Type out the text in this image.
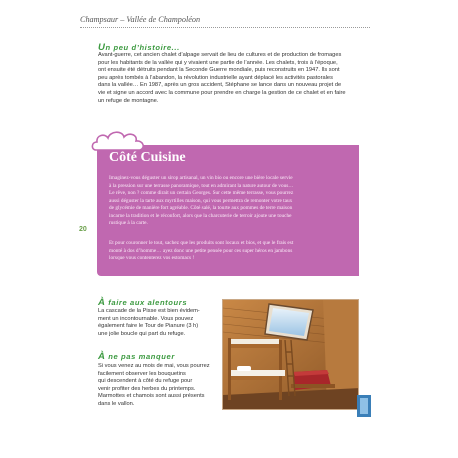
Champsaur – Vallée de Champoléon
Un peu d’histoire...
Avant-guerre, cet ancien chalet d’alpage servait de lieu de cultures et de production de fromages
pour les habitants de la vallée qui y vivaient une partie de l’année. Les chalets, trois à l’époque,
ont ensuite été détruits pendant la Seconde Guerre mondiale, puis reconstruits en 1947. Ils sont
peu après tombés à l’abandon, la révolution industrielle ayant déplacé les activités pastorales
dans la vallée… En 1987, après un gros accident, Stéphane se lance dans un nouveau projet de
vie et signe un accord avec la commune pour prendre en charge la gestion de ce chalet et en faire
un refuge de montagne.
20
Côté Cuisine
Imaginez-vous déguster un sirop artisanal, un vin bio ou encore une bière locale servie
à la pression sur une terrasse panoramique, tout en admirant la nature autour de vous…
Le rêve, non ? comme dirait un certain Georges. Sur cette même terrasse, vous pourrez
aussi déguster la tarte aux myrtilles maison, qui vous permettra de remonter votre taux
de glycémie de manière fort agréable. Côté salé, la tourte aux pommes de terre maison
incarne la tradition et le réconfort, alors que la charcuterie de terroir ajoute une touche
rustique à la carte.
Et pour couronner le tout, sachez que les produits sont locaux et bios, et que le frais est
monté à dos d’homme… ayez donc une petite pensée pour ces super héros en jambons
lorsque vous contenterez vos estomacs !
À faire aux alentours
La cascade de la Pisse est bien évidem-
ment un incontournable. Vous pouvez
également faire le Tour de Pianure (3 h)
une jolie boucle qui part du refuge.
À ne pas manquer
Si vous venez au mois de mai, vous pourrez
facilement observer les bouquetins
qui descendent à côté du refuge pour
venir profiter des herbes du printemps.
Marmottes et chamois sont aussi présents
dans le vallon.
